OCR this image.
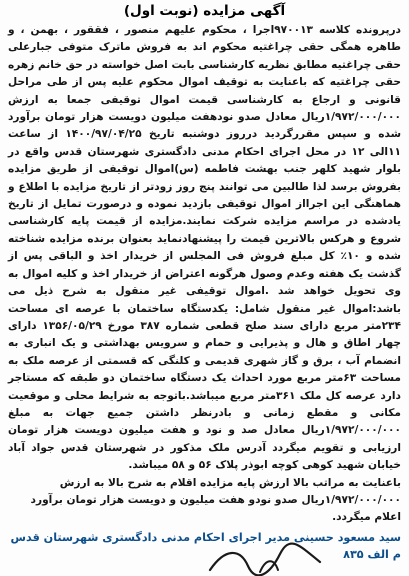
آگهی مزایده (نوبت اول)

درپرونده کلاسه ۹۷۰۰۱۳اجرا ، محکوم علیهم منصور ، فققور ، بهمن ، و طاهره همگی حقی چراغتیه محکوم اند به فروش ماترک متوفی جبارعلی حقی چراغتیه مطابق نظریه کارشناسی بابت اصل خواسته در حق خانم زهره حقی چراغتیه که باعنایت به توقیف اموال محکوم علیه پس از طی مراحل قانونی و ارجاع به کارشناسی قیمت اموال توقیفی جمعا به ارزش ۱/۹۷۲/۰۰۰/۰۰۰ریال معادل صدو نودهفت میلیون دویست هزار تومان برآورد شده و سپس مقررگردید درروز دوشنبه تاریخ ۱۴۰۰/۹۷/۰۴/۲۵ از ساعت ۱۱الی ۱۲ در محل اجرای احکام مدنی دادگستری شهرستان قدس واقع در بلوار شهید کلهر جنب بهشت فاطمه (س)اموال توقیفی از طریق مزایده بفروش برسد لذا طالبین می توانند پنج روز زودتر از تاریخ مزایده با اطلاع و هماهنگی این اجرااز اموال توقیفی بازدید نموده و درصورت تمایل از تاریخ یادشده در مراسم مزایده شرکت نمایند.مزایده از قیمت پایه کارشناسی شروع و هرکس بالاترین قیمت را پیشنهادنماید بعنوان برنده مزایده شناخته شده و ۱۰٪ کل مبلغ فروش فی المجلس از خریدار اخذ و الباقی پس از گذشت یک هفته وعدم وصول هرگونه اعتراض از خریدار اخذ و کلیه اموال به وی تحویل خواهد شد .اموال توقیفی غیر منقول به شرح ذیل می باشد:اموال غیر منقول شامل: یکدستگاه ساختمان با عرصه ای مساحت ۲۳۴متر مربع دارای سند صلح قطعی شماره ۳۸۷ مورخ ۱۳۵۶/۰۵/۲۹ دارای چهار اطاق و هال و پذیرایی و حمام و سرویس بهداشتی و یک انباری به انضمام آب ، برق و گاز شهری قدیمی و کلنگی که قسمتی از عرصه ملک به مساحت ۶۳متر مربع مورد احداث یک دستگاه ساختمان دو طبقه که مستاجر دارد عرصه کل ملک ۳۶۱متر مربع میباشد.باتوجه به شرایط محلی و موقعیت مکانی و مقطع زمانی و بادرنظر داشتن جمیع جهات به مبلغ ۱/۹۷۲/۰۰۰/۰۰۰ریال معادل صد و نود و هفت میلیون دویست هزار تومان ارزیابی و تقویم میگردد آدرس ملک مذکور در شهرستان قدس جواد آباد خیابان شهید کوهی کوچه ابوذر پلاک ۵۶ و ۵۸ میباشد.

باعنایت به مراتب بالا ارزش پایه مزایده اقلام به شرح بالا به ارزش ۱/۹۷۲/۰۰۰/۰۰۰ریال صدو نودو هفت میلیون و دویست هزار تومان برآورد اعلام میگردد.

سید مسعود حسینی مدیر اجرای احکام مدنی دادگستری شهرستان قدس

م الف ۸۳۵
